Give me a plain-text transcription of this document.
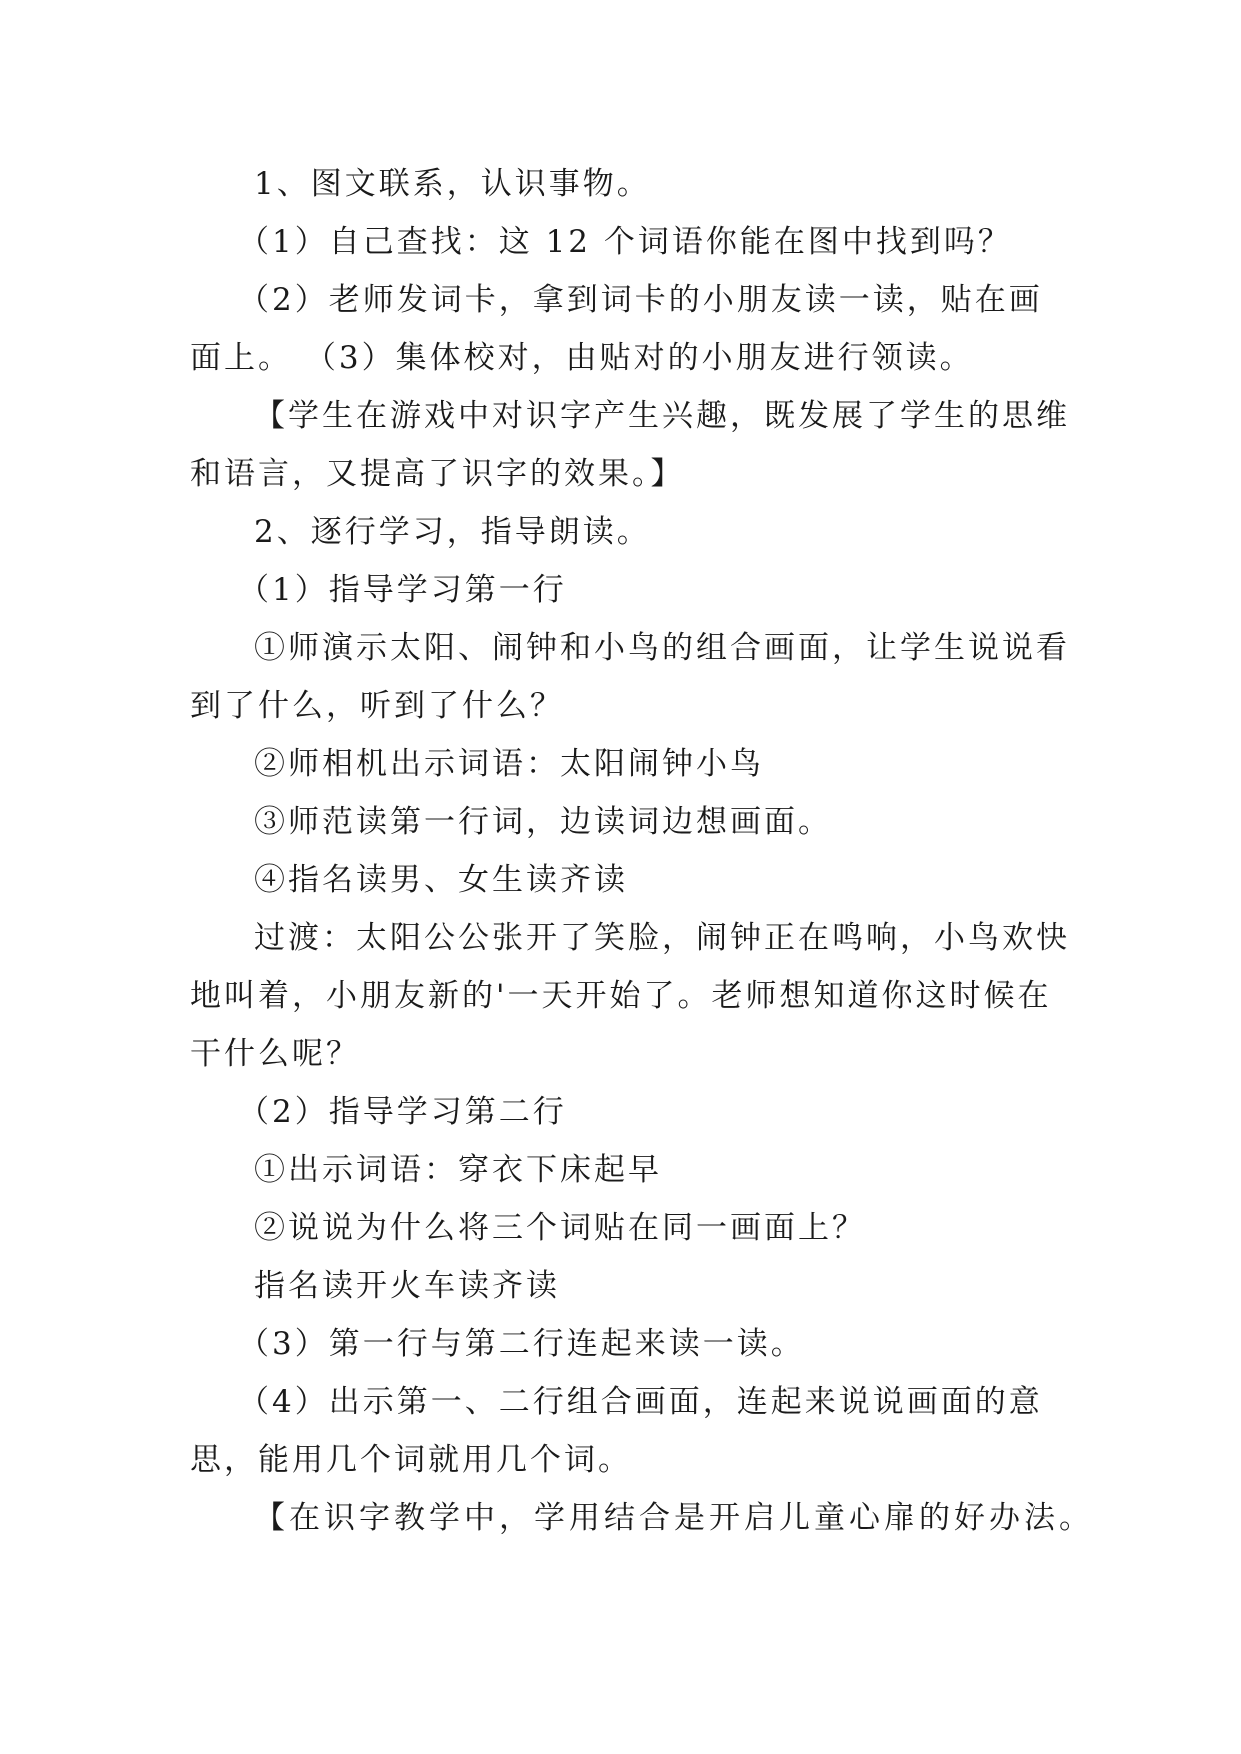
1、图文联系，认识事物。

（1）自己查找：这 12 个词语你能在图中找到吗？

（2）老师发词卡，拿到词卡的小朋友读一读，贴在画

面上。 （3）集体校对，由贴对的小朋友进行领读。

【学生在游戏中对识字产生兴趣，既发展了学生的思维

和语言，又提高了识字的效果。】

2、逐行学习，指导朗读。

（1）指导学习第一行

①师演示太阳、闹钟和小鸟的组合画面，让学生说说看

到了什么，听到了什么？

②师相机出示词语：太阳闹钟小鸟

③师范读第一行词，边读词边想画面。

④指名读男、女生读齐读

过渡：太阳公公张开了笑脸，闹钟正在鸣响，小鸟欢快

地叫着，小朋友新的'一天开始了。老师想知道你这时候在

干什么呢？

（2）指导学习第二行

①出示词语：穿衣下床起早

②说说为什么将三个词贴在同一画面上？

指名读开火车读齐读

（3）第一行与第二行连起来读一读。

（4）出示第一、二行组合画面，连起来说说画面的意

思，能用几个词就用几个词。

【在识字教学中，学用结合是开启儿童心扉的好办法。
